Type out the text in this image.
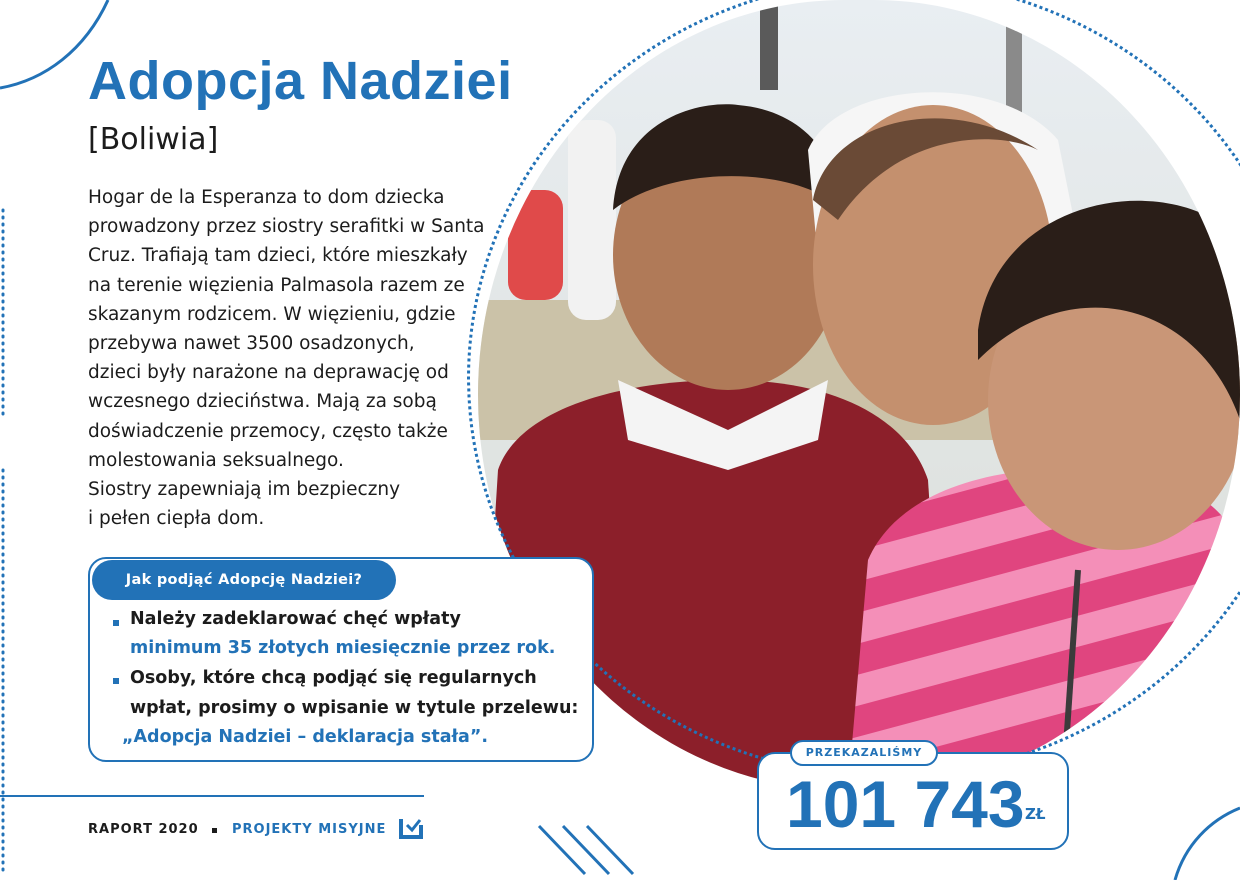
Adopcja Nadziei
[Boliwia]
Hogar de la Esperanza to dom dziecka
prowadzony przez siostry serafitki w Santa
Cruz. Trafiają tam dzieci, które mieszkały
na terenie więzienia Palmasola razem ze
skazanym rodzicem. W więzieniu, gdzie
przebywa nawet 3500 osadzonych,
dzieci były narażone na deprawację od
wczesnego dzieciństwa. Mają za sobą
doświadczenie przemocy, często także
molestowania seksualnego.
Siostry zapewniają im bezpieczny
i pełen ciepła dom.
Jak podjąć Adopcję Nadziei?
Należy zadeklarować chęć wpłaty
minimum 35 złotych miesięcznie przez rok.
Osoby, które chcą podjąć się regularnych
wpłat, prosimy o wpisanie w tytule przelewu:
„Adopcja Nadziei – deklaracja stała”.
PRZEKAZALIŚMY
101 743 ZŁ
RAPORT 2020	PROJEKTY MISYJNE
